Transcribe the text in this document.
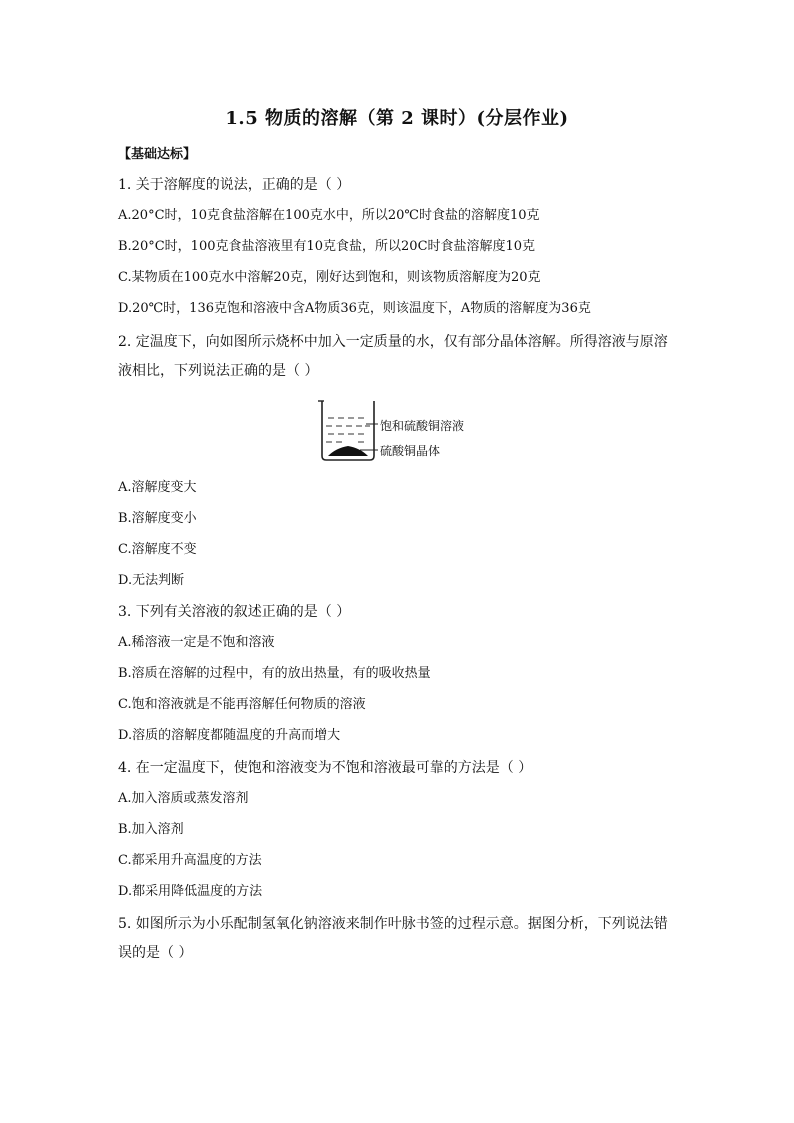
1.5 物质的溶解（第 2 课时）(分层作业)
【基础达标】
1. 关于溶解度的说法，正确的是（ ）
A.20°C时，10克食盐溶解在100克水中，所以20℃时食盐的溶解度10克
B.20°C时，100克食盐溶液里有10克食盐，所以20C时食盐溶解度10克
C.某物质在100克水中溶解20克，刚好达到饱和，则该物质溶解度为20克
D.20℃时，136克饱和溶液中含A物质36克，则该温度下，A物质的溶解度为36克
2. 定温度下，向如图所示烧杯中加入一定质量的水，仅有部分晶体溶解。所得溶液与原溶
液相比，下列说法正确的是（ ）
饱和硫酸铜溶液
硫酸铜晶体
A.溶解度变大
B.溶解度变小
C.溶解度不变
D.无法判断
3. 下列有关溶液的叙述正确的是（ ）
A.稀溶液一定是不饱和溶液
B.溶质在溶解的过程中，有的放出热量，有的吸收热量
C.饱和溶液就是不能再溶解任何物质的溶液
D.溶质的溶解度都随温度的升高而增大
4. 在一定温度下，使饱和溶液变为不饱和溶液最可靠的方法是（ ）
A.加入溶质或蒸发溶剂
B.加入溶剂
C.都采用升高温度的方法
D.都采用降低温度的方法
5. 如图所示为小乐配制氢氧化钠溶液来制作叶脉书签的过程示意。据图分析，下列说法错
误的是（ ）
